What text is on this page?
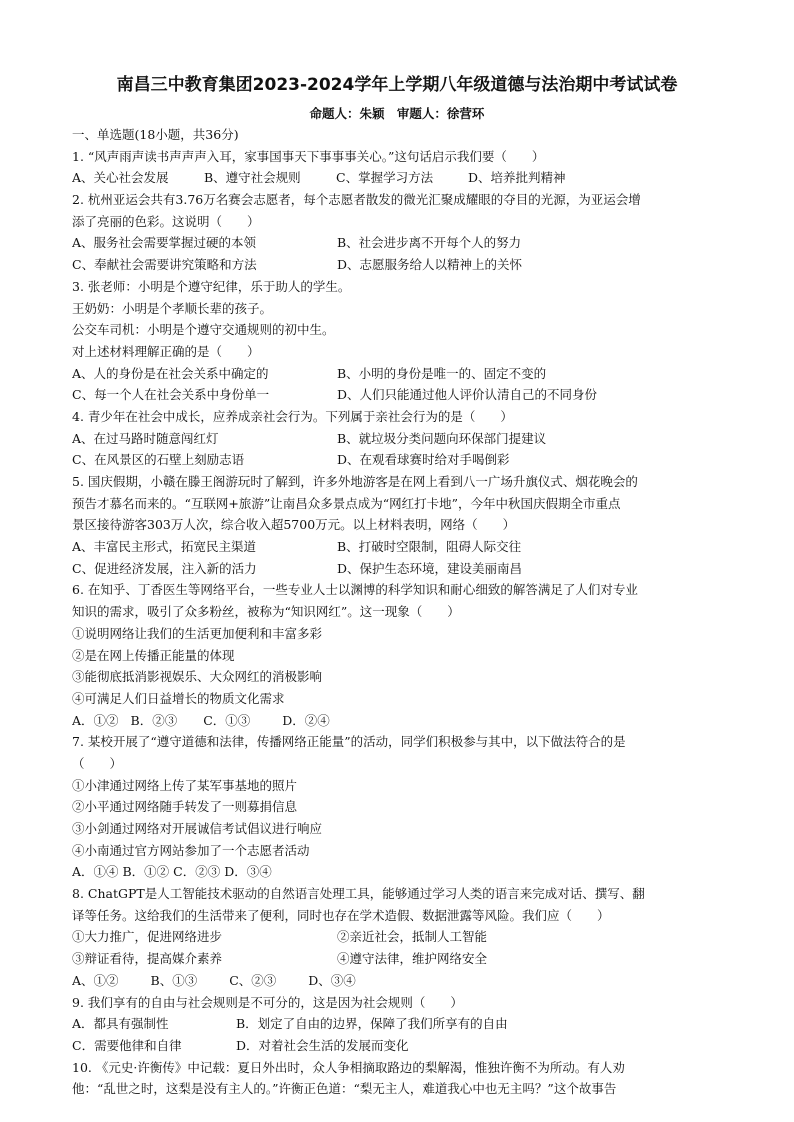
南昌三中教育集团2023-2024学年上学期八年级道德与法治期中考试试卷
命题人：朱颖 审题人：徐营环
一、单选题(18小题，共36分)
1. “风声雨声读书声声声入耳，家事国事天下事事事关心。”这句话启示我们要（　　）
A、关心社会发展	B、遵守社会规则	C、掌握学习方法	D、培养批判精神
2. 杭州亚运会共有3.76万名赛会志愿者，每个志愿者散发的微光汇聚成耀眼的夺目的光源，为亚运会增
添了亮丽的色彩。这说明（　　）
A、服务社会需要掌握过硬的本领	B、社会进步离不开每个人的努力
C、奉献社会需要讲究策略和方法	D、志愿服务给人以精神上的关怀
3. 张老师：小明是个遵守纪律，乐于助人的学生。
王奶奶：小明是个孝顺长辈的孩子。
公交车司机：小明是个遵守交通规则的初中生。
对上述材料理解正确的是（　　）
A、人的身份是在社会关系中确定的	B、小明的身份是唯一的、固定不变的
C、每一个人在社会关系中身份单一	D、人们只能通过他人评价认清自己的不同身份
4. 青少年在社会中成长，应养成亲社会行为。下列属于亲社会行为的是（　　）
A、在过马路时随意闯红灯	B、就垃圾分类问题向环保部门提建议
C、在风景区的石壁上刻励志语	D、在观看球赛时给对手喝倒彩
5. 国庆假期，小赣在滕王阁游玩时了解到，许多外地游客是在网上看到八一广场升旗仪式、烟花晚会的
预告才慕名而来的。“互联网+旅游”让南昌众多景点成为“网红打卡地”，今年中秋国庆假期全市重点
景区接待游客303万人次，综合收入超5700万元。以上材料表明，网络（　　）
A、丰富民主形式，拓宽民主渠道	B、打破时空限制，阻碍人际交往
C、促进经济发展，注入新的活力	D、保护生态环境，建设美丽南昌
6. 在知乎、丁香医生等网络平台，一些专业人士以渊博的科学知识和耐心细致的解答满足了人们对专业
知识的需求，吸引了众多粉丝，被称为“知识网红”。这一现象（　　）
①说明网络让我们的生活更加便利和丰富多彩
②是在网上传播正能量的体现
③能彻底抵消影视娱乐、大众网红的消极影响
④可满足人们日益增长的物质文化需求
A．①② B．②③ C．①③	D．②④
7. 某校开展了“遵守道德和法律，传播网络正能量”的活动，同学们积极参与其中，以下做法符合的是
（　　）
①小津通过网络上传了某军事基地的照片
②小平通过网络随手转发了一则募捐信息
③小剑通过网络对开展诚信考试倡议进行响应
④小南通过官方网站参加了一个志愿者活动
A．①④ B．①② C．②③ D．③④
8. ChatGPT是人工智能技术驱动的自然语言处理工具，能够通过学习人类的语言来完成对话、撰写、翻
译等任务。这给我们的生活带来了便利，同时也存在学术造假、数据泄露等风险。我们应（　　）
①大力推广，促进网络进步	②亲近社会，抵制人工智能
③辩证看待，提高媒介素养	④遵守法律，维护网络安全
A、①②	B、①③	C、②③	D、③④
9. 我们享有的自由与社会规则是不可分的，这是因为社会规则（　　）
A．都具有强制性	B．划定了自由的边界，保障了我们所享有的自由
C．需要他律和自律	D．对着社会生活的发展而变化
10. 《元史·许衡传》中记载：夏日外出时，众人争相摘取路边的梨解渴，惟独许衡不为所动。有人劝
他：“乱世之时，这梨是没有主人的。”许衡正色道：“梨无主人，难道我心中也无主吗？”这个故事告
